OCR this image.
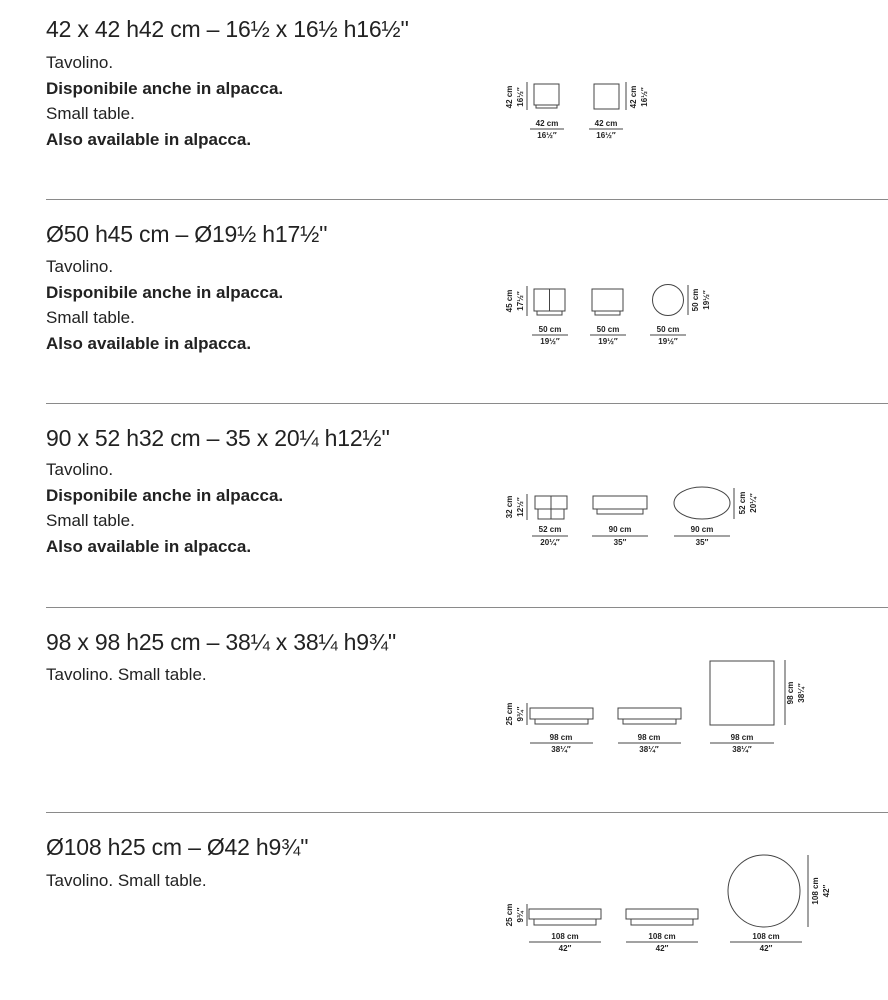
42 x 42 h42 cm – 16½ x 16½ h16½''
Tavolino.
Disponibile anche in alpacca.
Small table.
Also available in alpacca.
42 cm 16½″	42 cm 16½″
42 cm
16½″
42 cm
16½″
Ø50 h45 cm – Ø19½ h17½''
Tavolino.
Disponibile anche in alpacca.
Small table.
Also available in alpacca.
45 cm 17½″	50 cm 19½″
50 cm
19½″
50 cm
19½″
50 cm
19½″
90 x 52 h32 cm – 35 x 20¼ h12½''
Tavolino.
Disponibile anche in alpacca.
Small table.
Also available in alpacca.
32 cm 12½″	52 cm 20¼″
52 cm
20¼″
90 cm
35″
90 cm
35″
98 x 98 h25 cm – 38¼ x 38¼ h9¾''
Tavolino. Small table.
25 cm 9¾″
98 cm 38¼″
98 cm
38¼″
98 cm
38¼″
98 cm
38¼″
Ø108 h25 cm – Ø42 h9¾''
Tavolino. Small table.
25 cm 9¾″
108 cm 42″
108 cm
42″
108 cm
42″
108 cm
42″
